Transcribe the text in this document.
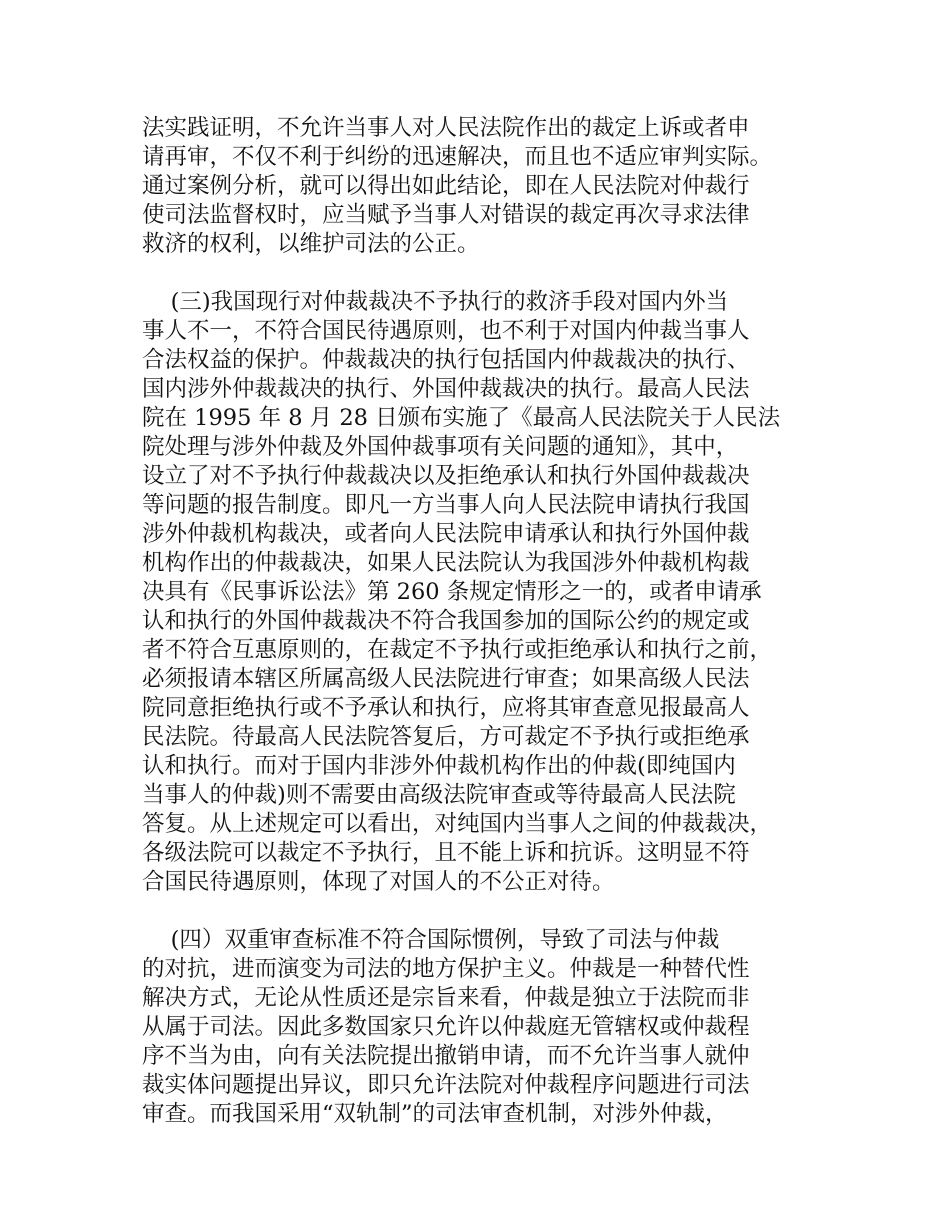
法实践证明，不允许当事人对人民法院作出的裁定上诉或者申
请再审，不仅不利于纠纷的迅速解决，而且也不适应审判实际。
通过案例分析，就可以得出如此结论，即在人民法院对仲裁行
使司法监督权时，应当赋予当事人对错误的裁定再次寻求法律
救济的权利，以维护司法的公正。
(三)我国现行对仲裁裁决不予执行的救济手段对国内外当
事人不一，不符合国民待遇原则，也不利于对国内仲裁当事人
合法权益的保护。仲裁裁决的执行包括国内仲裁裁决的执行、
国内涉外仲裁裁决的执行、外国仲裁裁决的执行。最高人民法
院在 1995 年 8 月 28 日颁布实施了《最高人民法院关于人民法
院处理与涉外仲裁及外国仲裁事项有关问题的通知》，其中，
设立了对不予执行仲裁裁决以及拒绝承认和执行外国仲裁裁决
等问题的报告制度。即凡一方当事人向人民法院申请执行我国
涉外仲裁机构裁决，或者向人民法院申请承认和执行外国仲裁
机构作出的仲裁裁决，如果人民法院认为我国涉外仲裁机构裁
决具有《民事诉讼法》第 260 条规定情形之一的，或者申请承
认和执行的外国仲裁裁决不符合我国参加的国际公约的规定或
者不符合互惠原则的，在裁定不予执行或拒绝承认和执行之前，
必须报请本辖区所属高级人民法院进行审查；如果高级人民法
院同意拒绝执行或不予承认和执行，应将其审查意见报最高人
民法院。待最高人民法院答复后，方可裁定不予执行或拒绝承
认和执行。而对于国内非涉外仲裁机构作出的仲裁(即纯国内
当事人的仲裁)则不需要由高级法院审查或等待最高人民法院
答复。从上述规定可以看出，对纯国内当事人之间的仲裁裁决，
各级法院可以裁定不予执行，且不能上诉和抗诉。这明显不符
合国民待遇原则，体现了对国人的不公正对待。
(四）双重审查标准不符合国际惯例，导致了司法与仲裁
的对抗，进而演变为司法的地方保护主义。仲裁是一种替代性
解决方式，无论从性质还是宗旨来看，仲裁是独立于法院而非
从属于司法。因此多数国家只允许以仲裁庭无管辖权或仲裁程
序不当为由，向有关法院提出撤销申请，而不允许当事人就仲
裁实体问题提出异议，即只允许法院对仲裁程序问题进行司法
审查。而我国采用“双轨制”的司法审查机制，对涉外仲裁，
